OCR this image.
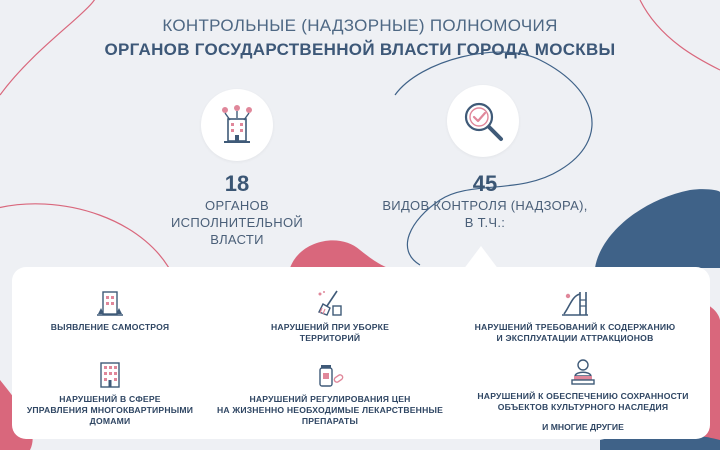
КОНТРОЛЬНЫЕ (НАДЗОРНЫЕ) ПОЛНОМОЧИЯ
ОРГАНОВ ГОСУДАРСТВЕННОЙ ВЛАСТИ ГОРОДА МОСКВЫ
18
ОРГАНОВ
ИСПОЛНИТЕЛЬНОЙ
ВЛАСТИ
45
ВИДОВ КОНТРОЛЯ (НАДЗОРА),
В Т.Ч.:
ВЫЯВЛЕНИЕ САМОСТРОЯ	НАРУШЕНИЙ ПРИ УБОРКЕ
ТЕРРИТОРИЙ
НАРУШЕНИЙ ТРЕБОВАНИЙ К СОДЕРЖАНИЮ
И ЭКСПЛУАТАЦИИ АТТРАКЦИОНОВ
НАРУШЕНИЙ В СФЕРЕ
УПРАВЛЕНИЯ МНОГОКВАРТИРНЫМИ
ДОМАМИ
НАРУШЕНИЙ РЕГУЛИРОВАНИЯ ЦЕН
НА ЖИЗНЕННО НЕОБХОДИМЫЕ ЛЕКАРСТВЕННЫЕ
ПРЕПАРАТЫ
НАРУШЕНИЙ К ОБЕСПЕЧЕНИЮ СОХРАННОСТИ
ОБЪЕКТОВ КУЛЬТУРНОГО НАСЛЕДИЯ
И МНОГИЕ ДРУГИЕ
